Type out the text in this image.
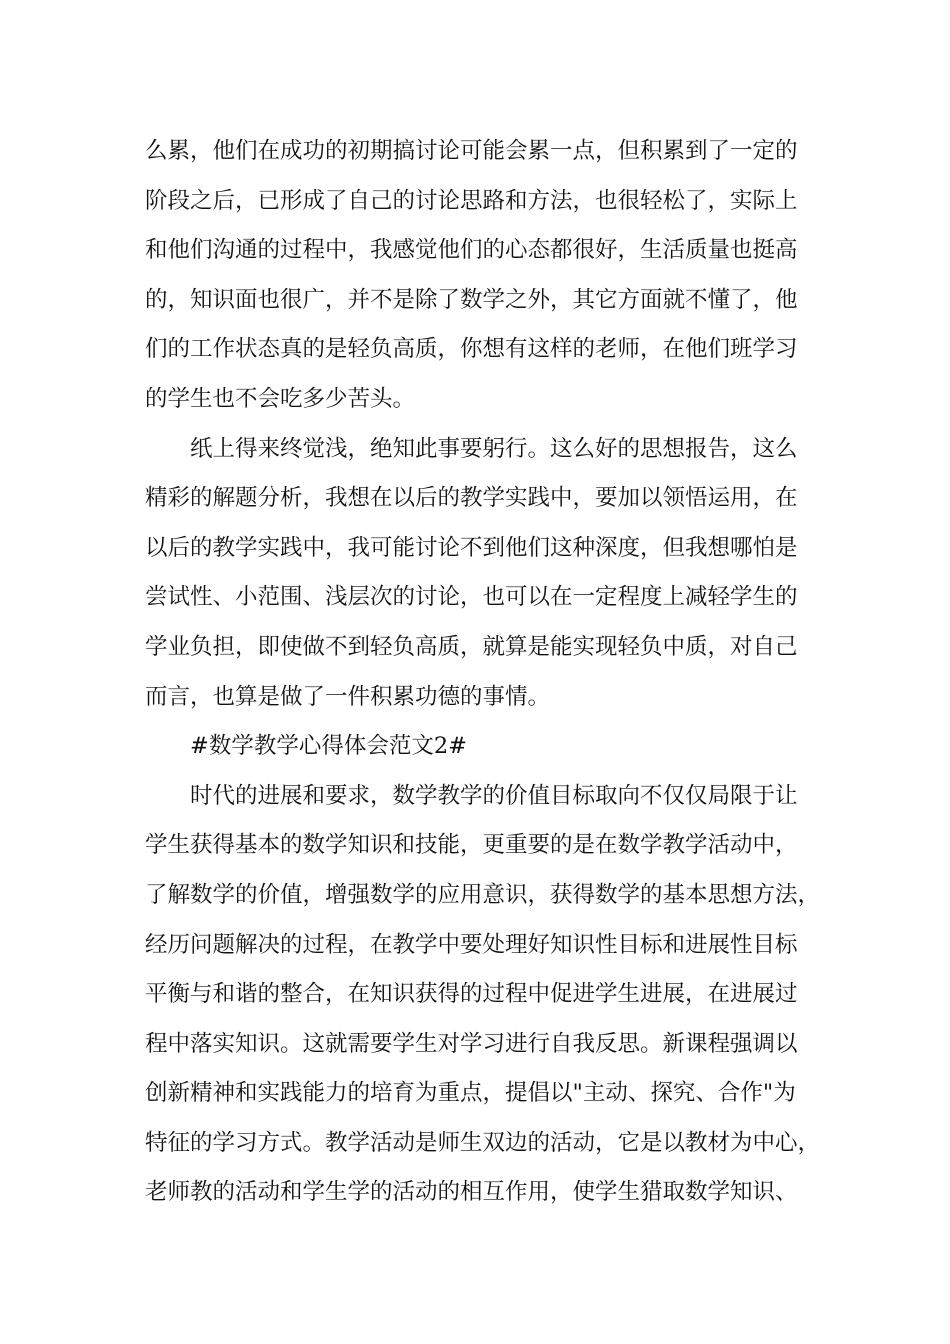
么累，他们在成功的初期搞讨论可能会累一点，但积累到了一定的
阶段之后，已形成了自己的讨论思路和方法，也很轻松了，实际上
和他们沟通的过程中，我感觉他们的心态都很好，生活质量也挺高
的，知识面也很广，并不是除了数学之外，其它方面就不懂了，他
们的工作状态真的是轻负高质，你想有这样的老师，在他们班学习
的学生也不会吃多少苦头。
纸上得来终觉浅，绝知此事要躬行。这么好的思想报告，这么
精彩的解题分析，我想在以后的教学实践中，要加以领悟运用，在
以后的教学实践中，我可能讨论不到他们这种深度，但我想哪怕是
尝试性、小范围、浅层次的讨论，也可以在一定程度上减轻学生的
学业负担，即使做不到轻负高质，就算是能实现轻负中质，对自己
而言，也算是做了一件积累功德的事情。
#数学教学心得体会范文2#
时代的进展和要求，数学教学的价值目标取向不仅仅局限于让
学生获得基本的数学知识和技能，更重要的是在数学教学活动中，
了解数学的价值，增强数学的应用意识，获得数学的基本思想方法，
经历问题解决的过程，在教学中要处理好知识性目标和进展性目标
平衡与和谐的整合，在知识获得的过程中促进学生进展，在进展过
程中落实知识。这就需要学生对学习进行自我反思。新课程强调以
创新精神和实践能力的培育为重点，提倡以"主动、探究、合作"为
特征的学习方式。教学活动是师生双边的活动，它是以教材为中心，
老师教的活动和学生学的活动的相互作用，使学生猎取数学知识、
